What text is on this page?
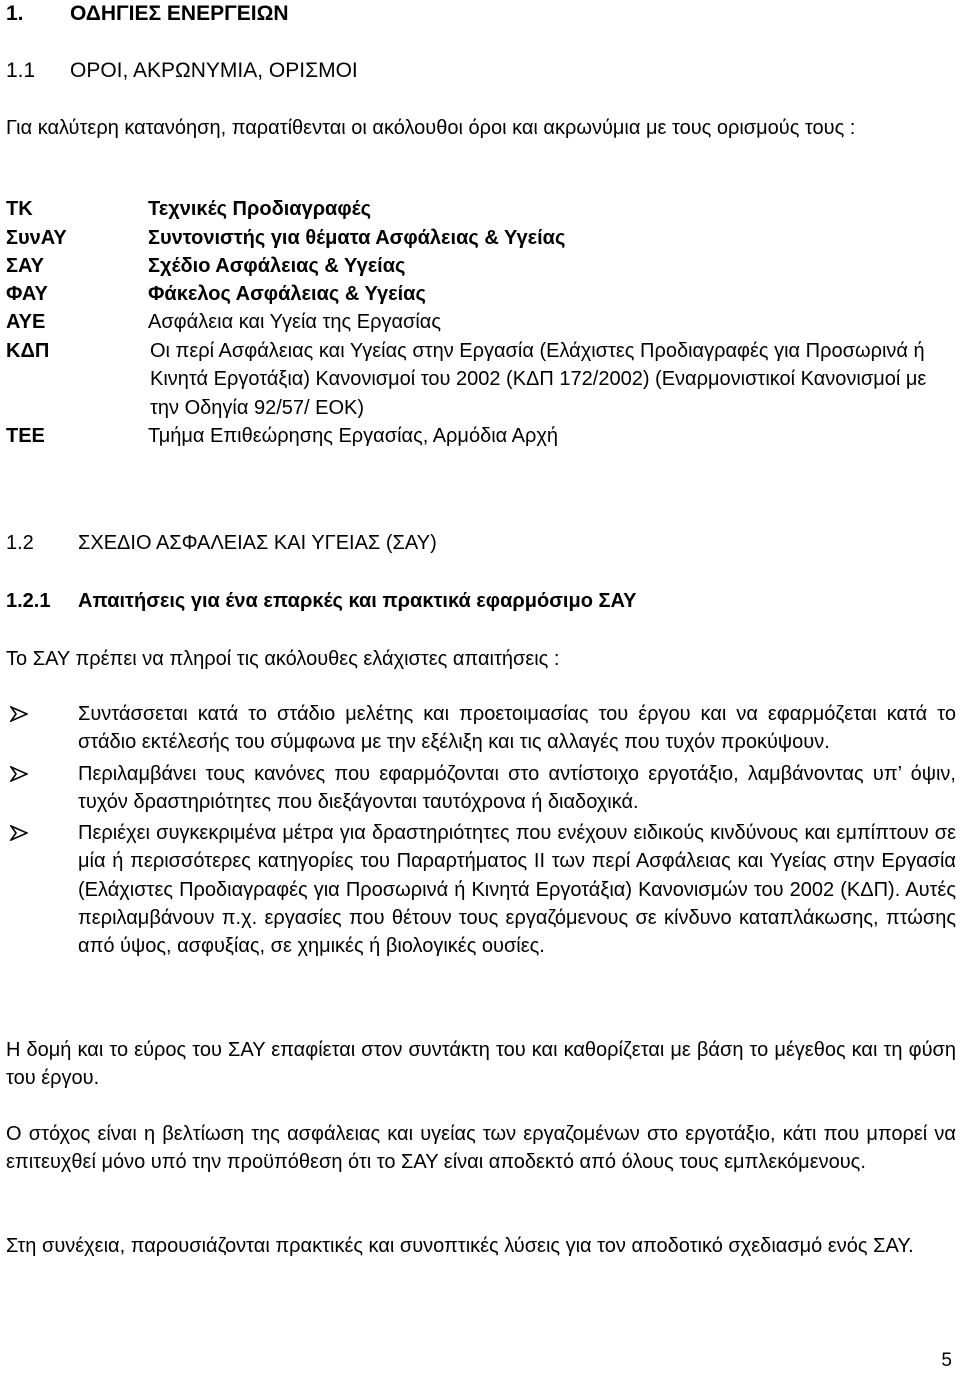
1. ΟΔΗΓΙΕΣ ΕΝΕΡΓΕΙΩΝ
1.1 ΟΡΟΙ, ΑΚΡΩΝΥΜΙΑ, ΟΡΙΣΜΟΙ
Για καλύτερη κατανόηση, παρατίθενται οι ακόλουθοι όροι και ακρωνύμια με τους ορισμούς τους :
ΤΚ	Τεχνικές Προδιαγραφές
ΣυνΑΥ	Συντονιστής για θέματα Ασφάλειας & Υγείας
ΣΑΥ	Σχέδιο Ασφάλειας & Υγείας
ΦΑΥ	Φάκελος Ασφάλειας & Υγείας
ΑΥΕ	Ασφάλεια και Υγεία της Εργασίας
ΚΔΠ	Οι περί Ασφάλειας και Υγείας στην Εργασία (Ελάχιστες Προδιαγραφές για Προσωρινά ή Κινητά Εργοτάξια) Κανονισμοί του 2002 (ΚΔΠ 172/2002) (Εναρμονιστικοί Κανονισμοί με την Οδηγία 92/57/ ΕΟΚ)
ΤΕΕ	Τμήμα Επιθεώρησης Εργασίας, Αρμόδια Αρχή
1.2 ΣΧΕΔΙΟ ΑΣΦΑΛΕΙΑΣ ΚΑΙ ΥΓΕΙΑΣ (ΣΑΥ)
1.2.1 Απαιτήσεις για ένα επαρκές και πρακτικά εφαρμόσιμο ΣΑΥ
Το ΣΑΥ πρέπει να πληροί τις ακόλουθες ελάχιστες απαιτήσεις :
Συντάσσεται κατά το στάδιο μελέτης και προετοιμασίας του έργου και να εφαρμόζεται κατά το στάδιο εκτέλεσής του σύμφωνα με την εξέλιξη και τις αλλαγές που τυχόν προκύψουν.
Περιλαμβάνει τους κανόνες που εφαρμόζονται στο αντίστοιχο εργοτάξιο, λαμβάνοντας υπ’ όψιν, τυχόν δραστηριότητες που διεξάγονται ταυτόχρονα ή διαδοχικά.
Περιέχει συγκεκριμένα μέτρα για δραστηριότητες που ενέχουν ειδικούς κινδύνους και εμπίπτουν σε μία ή περισσότερες κατηγορίες του Παραρτήματος ΙΙ των περί Ασφάλειας και Υγείας στην Εργασία (Ελάχιστες Προδιαγραφές για Προσωρινά ή Κινητά Εργοτάξια) Κανονισμών του 2002 (ΚΔΠ). Αυτές περιλαμβάνουν π.χ. εργασίες που θέτουν τους εργαζόμενους σε κίνδυνο καταπλάκωσης, πτώσης από ύψος, ασφυξίας, σε χημικές ή βιολογικές ουσίες.
Η δομή και το εύρος του ΣΑΥ επαφίεται στον συντάκτη του και καθορίζεται με βάση το μέγεθος και τη φύση του έργου.
Ο στόχος είναι η βελτίωση της ασφάλειας και υγείας των εργαζομένων στο εργοτάξιο, κάτι που μπορεί να επιτευχθεί μόνο υπό την προϋπόθεση ότι το ΣΑΥ είναι αποδεκτό από όλους τους εμπλεκόμενους.
Στη συνέχεια, παρουσιάζονται πρακτικές και συνοπτικές λύσεις για τον αποδοτικό σχεδιασμό ενός ΣΑΥ.
5
